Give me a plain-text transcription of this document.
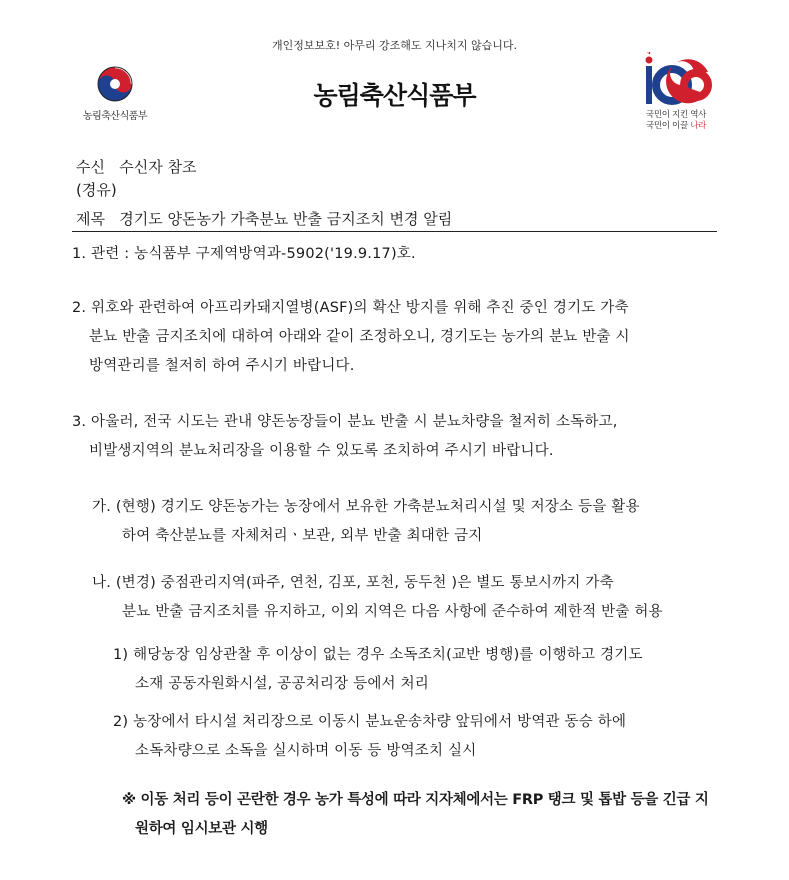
개인정보보호! 아무리 강조해도 지나치지 않습니다.
농림축산식품부
농림축산식품부
국민이 지킨 역사
국민이 이끌 나라
수신 수신자 참조
(경유)
제목 경기도 양돈농가 가축분뇨 반출 금지조치 변경 알림
1. 관련 : 농식품부 구제역방역과-5902('19.9.17)호.
2. 위호와 관련하여 아프리카돼지열병(ASF)의 확산 방지를 위해 추진 중인 경기도 가축
분뇨 반출 금지조치에 대하여 아래와 같이 조정하오니, 경기도는 농가의 분뇨 반출 시
방역관리를 철저히 하여 주시기 바랍니다.
3. 아울러, 전국 시도는 관내 양돈농장들이 분뇨 반출 시 분뇨차량을 철저히 소독하고,
비발생지역의 분뇨처리장을 이용할 수 있도록 조치하여 주시기 바랍니다.
가. (현행) 경기도 양돈농가는 농장에서 보유한 가축분뇨처리시설 및 저장소 등을 활용
하여 축산분뇨를 자체처리ㆍ보관, 외부 반출 최대한 금지
나. (변경) 중점관리지역(파주, 연천, 김포, 포천, 동두천 )은 별도 통보시까지 가축
분뇨 반출 금지조치를 유지하고, 이외 지역은 다음 사항에 준수하여 제한적 반출 허용
1) 해당농장 임상관찰 후 이상이 없는 경우 소독조치(교반 병행)를 이행하고 경기도
소재 공동자원화시설, 공공처리장 등에서 처리
2) 농장에서 타시설 처리장으로 이동시 분뇨운송차량 앞뒤에서 방역관 동승 하에
소독차량으로 소독을 실시하며 이동 등 방역조치 실시
※ 이동 처리 등이 곤란한 경우 농가 특성에 따라 지자체에서는 FRP 탱크 및 톱밥 등을 긴급 지
원하여 임시보관 시행
